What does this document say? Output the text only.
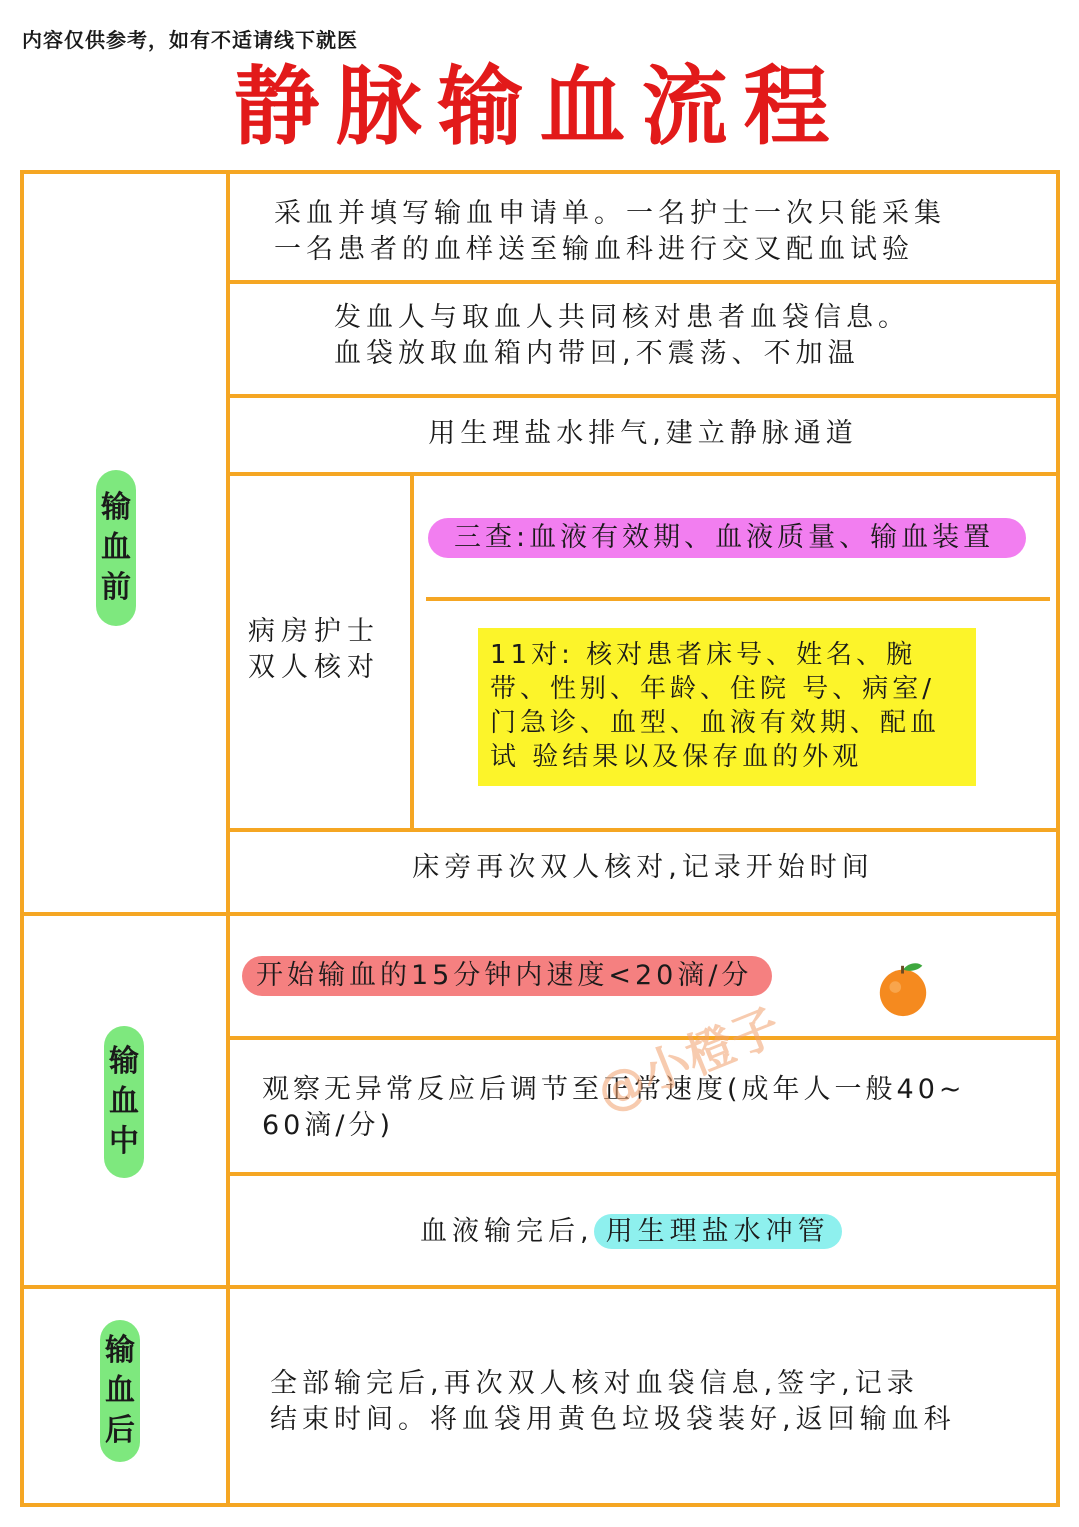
内容仅供参考，如有不适请线下就医
静脉输血流程
输
血
前
输
血
中
输
血
后
采血并填写输血申请单。一名护士一次只能采集
一名患者的血样送至输血科进行交叉配血试验
发血人与取血人共同核对患者血袋信息。
血袋放取血箱内带回,不震荡、不加温
用生理盐水排气,建立静脉通道
病房护士
双人核对
三查:血液有效期、血液质量、输血装置
11对: 核对患者床号、姓名、腕
带、性别、年龄、住院 号、病室/
门急诊、血型、血液有效期、配血
试 验结果以及保存血的外观
床旁再次双人核对,记录开始时间
开始输血的15分钟内速度<20滴/分
观察无异常反应后调节至正常速度(成年人一般40~
60滴/分)
血液输完后, 用生理盐水冲管
全部输完后,再次双人核对血袋信息,签字,记录
结束时间。将血袋用黄色垃圾袋装好,返回输血科
@小橙子
